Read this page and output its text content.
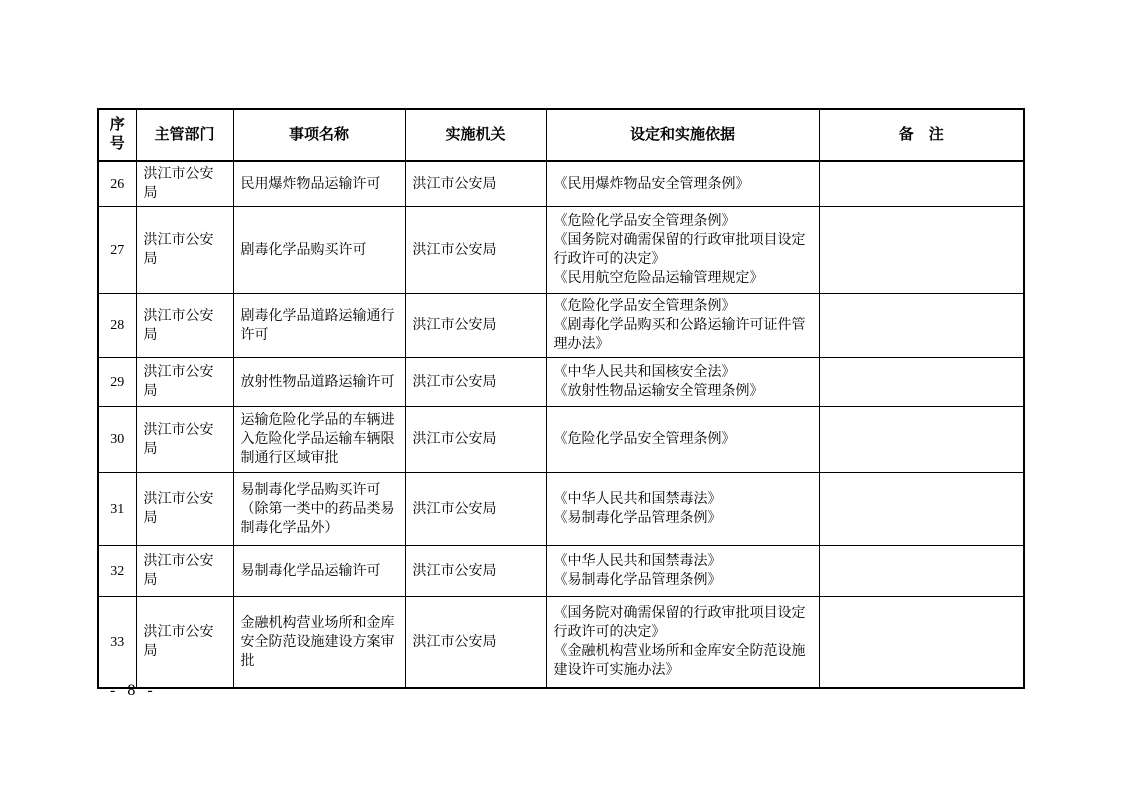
序号	主管部门	事项名称	实施机关	设定和实施依据	备　注
26	洪江市公安局	民用爆炸物品运输许可	洪江市公安局	《民用爆炸物品安全管理条例》	

27	洪江市公安局	剧毒化学品购买许可	洪江市公安局	《危险化学品安全管理条例》
《国务院对确需保留的行政审批项目设定行政许可的决定》
《民用航空危险品运输管理规定》	

28	洪江市公安局	剧毒化学品道路运输通行许可	洪江市公安局	《危险化学品安全管理条例》
《剧毒化学品购买和公路运输许可证件管理办法》	

29	洪江市公安局	放射性物品道路运输许可	洪江市公安局	《中华人民共和国核安全法》
《放射性物品运输安全管理条例》	

30	洪江市公安局	运输危险化学品的车辆进入危险化学品运输车辆限制通行区域审批	洪江市公安局	《危险化学品安全管理条例》	

31	洪江市公安局	易制毒化学品购买许可（除第一类中的药品类易制毒化学品外）	洪江市公安局	《中华人民共和国禁毒法》
《易制毒化学品管理条例》	

32	洪江市公安局	易制毒化学品运输许可	洪江市公安局	《中华人民共和国禁毒法》
《易制毒化学品管理条例》	

33	洪江市公安局	金融机构营业场所和金库安全防范设施建设方案审批	洪江市公安局	《国务院对确需保留的行政审批项目设定行政许可的决定》
《金融机构营业场所和金库安全防范设施建设许可实施办法》	

- 8 -
